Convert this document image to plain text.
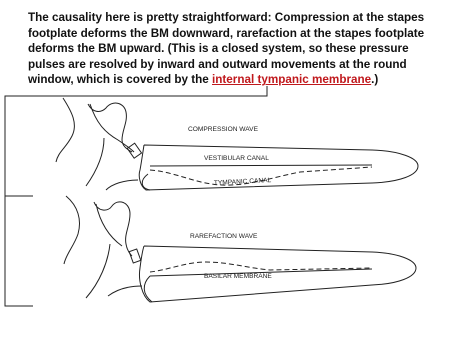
The causality here is pretty straightforward: Compression at the stapes footplate deforms the BM downward, rarefaction at the stapes footplate deforms the BM upward. (This is a closed system, so these pressure pulses are resolved by inward and outward movements at the round window, which is covered by the internal tympanic membrane.)

COMPRESSION WAVE
VESTIBULAR CANAL
TYMPANIC CANAL
RAREFACTION WAVE
BASILAR MEMBRANE
